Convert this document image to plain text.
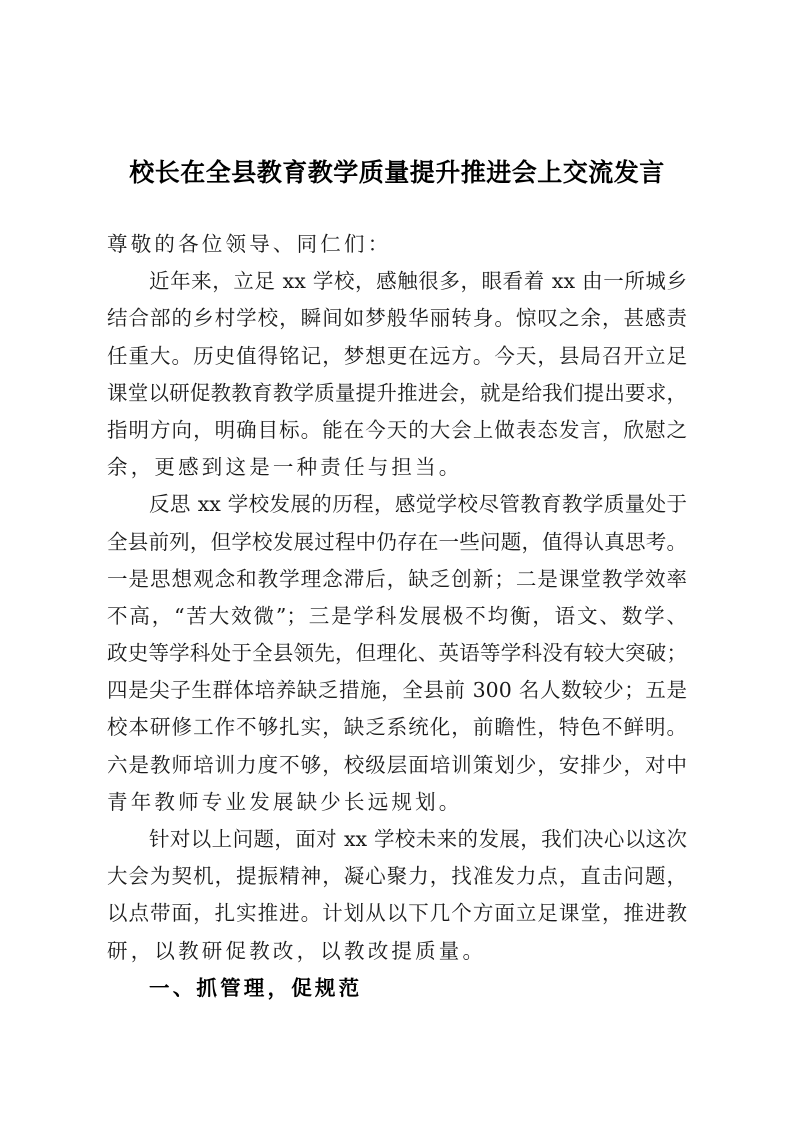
校长在全县教育教学质量提升推进会上交流发言
尊敬的各位领导、同仁们：
近年来，立足 xx 学校，感触很多，眼看着 xx 由一所城乡
结合部的乡村学校，瞬间如梦般华丽转身。惊叹之余，甚感责
任重大。历史值得铭记，梦想更在远方。今天，县局召开立足
课堂以研促教教育教学质量提升推进会，就是给我们提出要求，
指明方向，明确目标。能在今天的大会上做表态发言，欣慰之
余，更感到这是一种责任与担当。
反思 xx 学校发展的历程，感觉学校尽管教育教学质量处于
全县前列，但学校发展过程中仍存在一些问题，值得认真思考。
一是思想观念和教学理念滞后，缺乏创新；二是课堂教学效率
不高，“苦大效微”；三是学科发展极不均衡，语文、数学、
政史等学科处于全县领先，但理化、英语等学科没有较大突破；
四是尖子生群体培养缺乏措施，全县前 300 名人数较少；五是
校本研修工作不够扎实，缺乏系统化，前瞻性，特色不鲜明。
六是教师培训力度不够，校级层面培训策划少，安排少，对中
青年教师专业发展缺少长远规划。
针对以上问题，面对 xx 学校未来的发展，我们决心以这次
大会为契机，提振精神，凝心聚力，找准发力点，直击问题，
以点带面，扎实推进。计划从以下几个方面立足课堂，推进教
研，以教研促教改，以教改提质量。
一、抓管理，促规范
